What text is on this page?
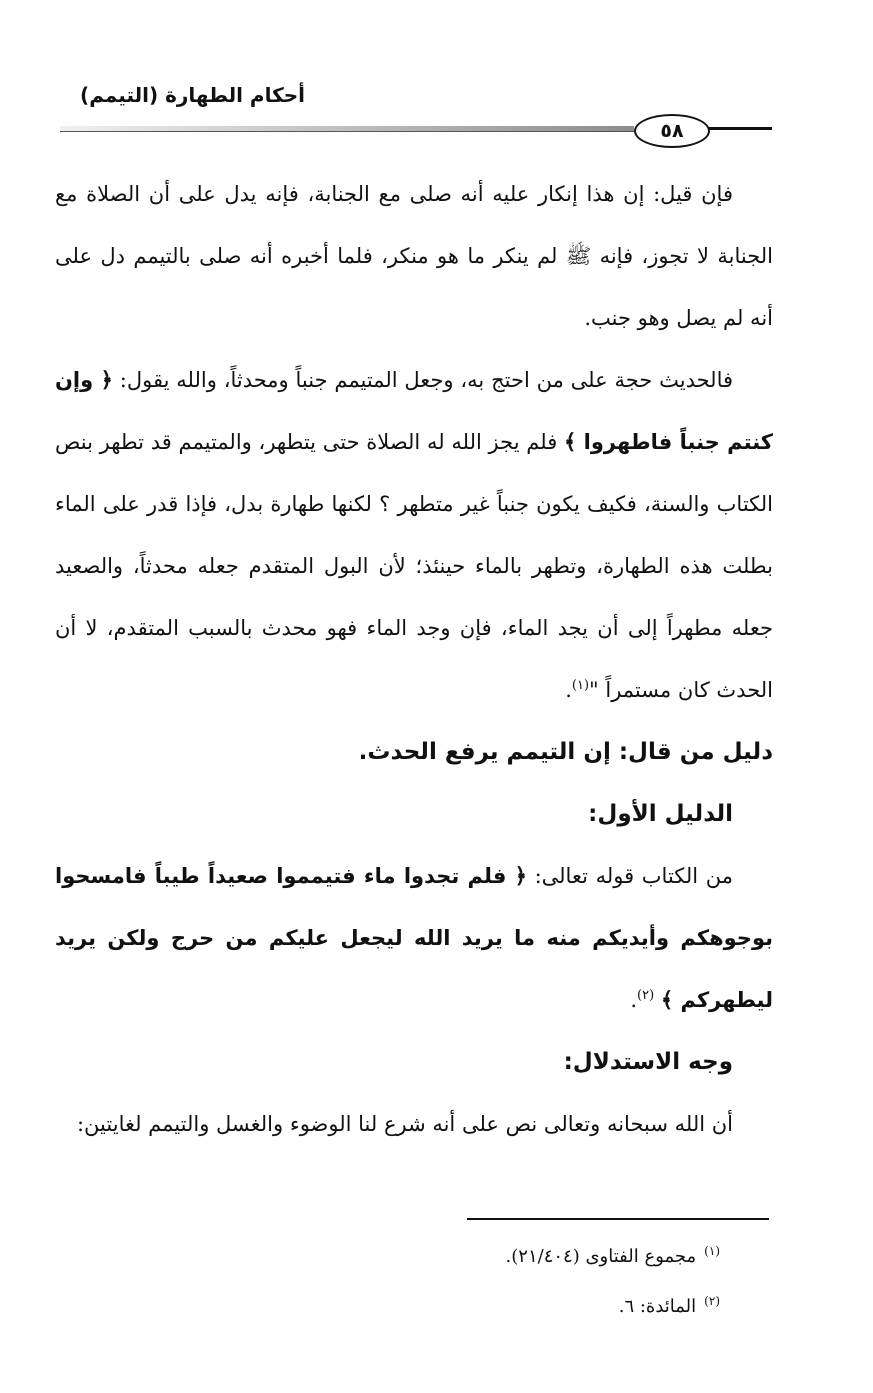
أحكام الطهارة (التيمم)
٥٨

فإن قيل: إن هذا إنكار عليه أنه صلى مع الجنابة، فإنه يدل على أن الصلاة مع الجنابة لا تجوز، فإنه ﷺ لم ينكر ما هو منكر، فلما أخبره أنه صلى بالتيمم دل على أنه لم يصل وهو جنب.

فالحديث حجة على من احتج به، وجعل المتيمم جنباً ومحدثاً، والله يقول: ﴿ وإن كنتم جنباً فاطهروا ﴾ فلم يجز الله له الصلاة حتى يتطهر، والمتيمم قد تطهر بنص الكتاب والسنة، فكيف يكون جنباً غير متطهر ؟ لكنها طهارة بدل، فإذا قدر على الماء بطلت هذه الطهارة، وتطهر بالماء حينئذ؛ لأن البول المتقدم جعله محدثاً، والصعيد جعله مطهراً إلى أن يجد الماء، فإن وجد الماء فهو محدث بالسبب المتقدم، لا أن الحدث كان مستمراً "$^{(١)}$.

دليل من قال: إن التيمم يرفع الحدث.

الدليل الأول:

من الكتاب قوله تعالى: ﴿ فلم تجدوا ماء فتيمموا صعيداً طيباً فامسحوا بوجوهكم وأيديكم منه ما يريد الله ليجعل عليكم من حرج ولكن يريد ليطهركم ﴾ $^{(٢)}$.

وجه الاستدلال:

أن الله سبحانه وتعالى نص على أنه شرع لنا الوضوء والغسل والتيمم لغايتين:

$^{(١)}$مجموع الفتاوى (٢١/٤٠٤).

$^{(٢)}$المائدة: ٦.
